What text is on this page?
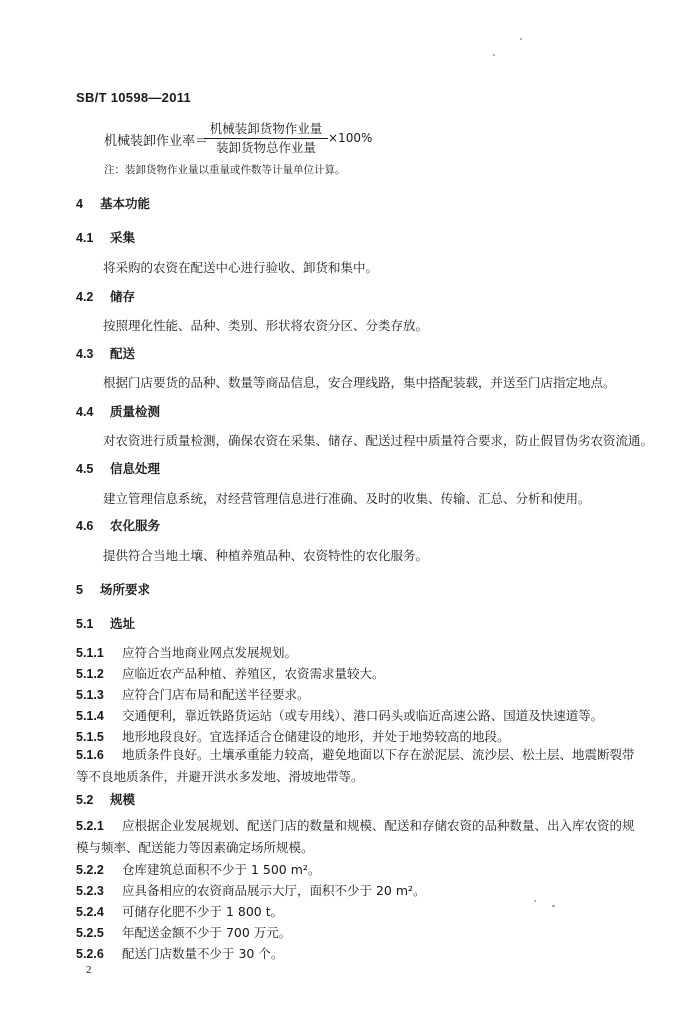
SB/T 10598—2011
机械装卸作业率＝
机械装卸货物作业量
装卸货物总作业量
×100%
注：装卸货物作业量以重量或件数等计量单位计算。
4 基本功能
4.1 采集
将采购的农资在配送中心进行验收、卸货和集中。
4.2 储存
按照理化性能、品种、类别、形状将农资分区、分类存放。
4.3 配送
根据门店要货的品种、数量等商品信息，安合理线路，集中搭配装载，并送至门店指定地点。
4.4 质量检测
对农资进行质量检测，确保农资在采集、储存、配送过程中质量符合要求，防止假冒伪劣农资流通。
4.5 信息处理
建立管理信息系统，对经营管理信息进行准确、及时的收集、传输、汇总、分析和使用。
4.6 农化服务
提供符合当地土壤、种植养殖品种、农资特性的农化服务。
5 场所要求
5.1 选址
5.1.1 应符合当地商业网点发展规划。
5.1.2 应临近农产品种植、养殖区，农资需求量较大。
5.1.3 应符合门店布局和配送半径要求。
5.1.4 交通便利，靠近铁路货运站（或专用线）、港口码头或临近高速公路、国道及快速道等。
5.1.5 地形地段良好。宜选择适合仓储建设的地形，并处于地势较高的地段。
5.1.6 地质条件良好。土壤承重能力较高，避免地面以下存在淤泥层、流沙层、松土层、地震断裂带等不良地质条件，并避开洪水多发地、滑坡地带等。
5.2 规模
5.2.1 应根据企业发展规划、配送门店的数量和规模、配送和存储农资的品种数量、出入库农资的规模与频率、配送能力等因素确定场所规模。
5.2.2 仓库建筑总面积不少于 1 500 m²。
5.2.3 应具备相应的农资商品展示大厅，面积不少于 20 m²。
5.2.4 可储存化肥不少于 1 800 t。
5.2.5 年配送金额不少于 700 万元。
5.2.6 配送门店数量不少于 30 个。
2
